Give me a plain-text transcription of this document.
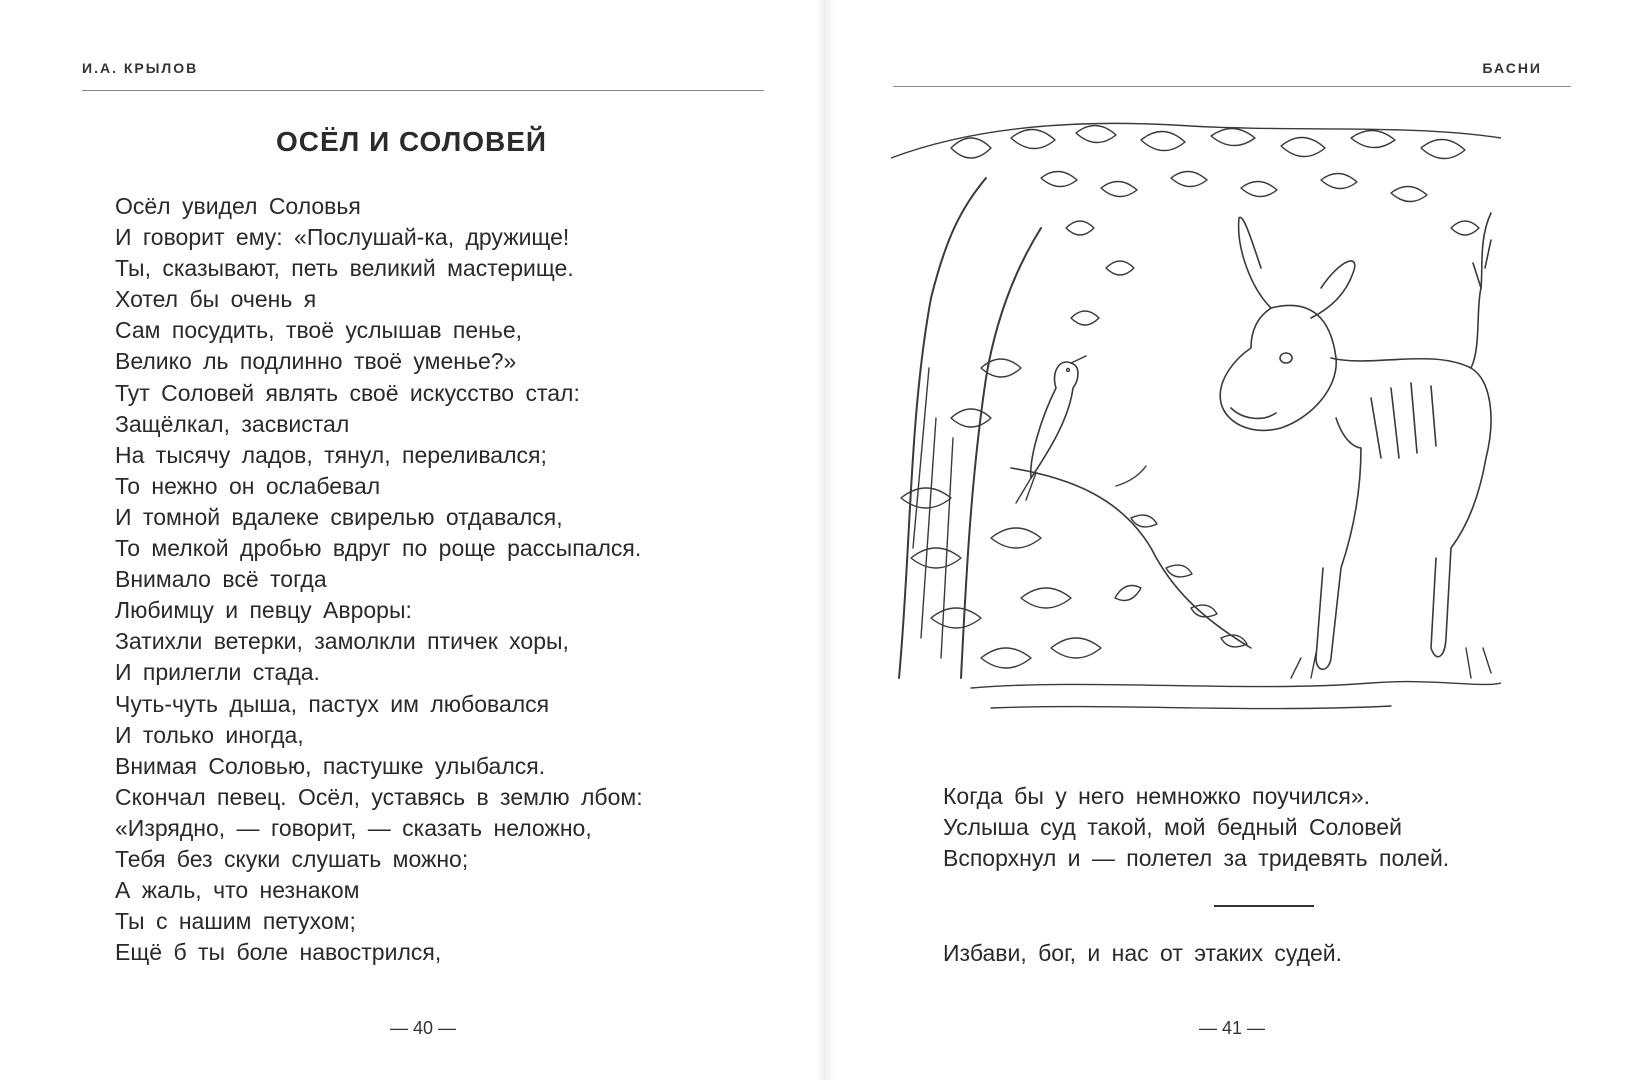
И.А. КРЫЛОВ
ОСЁЛ И СОЛОВЕЙ
Осёл увидел Соловья
И говорит ему: «Послушай-ка, дружище!
Ты, сказывают, петь великий мастерище.
Хотел бы очень я
Сам посудить, твоё услышав пенье,
Велико ль подлинно твоё уменье?»
Тут Соловей являть своё искусство стал:
Защёлкал, засвистал
На тысячу ладов, тянул, переливался;
То нежно он ослабевал
И томной вдалеке свирелью отдавался,
То мелкой дробью вдруг по роще рассыпался.
Внимало всё тогда
Любимцу и певцу Авроры:
Затихли ветерки, замолкли птичек хоры,
И прилегли стада.
Чуть-чуть дыша, пастух им любовался
И только иногда,
Внимая Соловью, пастушке улыбался.
Скончал певец. Осёл, уставясь в землю лбом:
«Изрядно, — говорит, — сказать неложно,
Тебя без скуки слушать можно;
А жаль, что незнаком
Ты с нашим петухом;
Ещё б ты боле навострился,
— 40 —
БАСНИ
Когда бы у него немножко поучился».
Услыша суд такой, мой бедный Соловей
Вспорхнул и — полетел за тридевять полей.
Избави, бог, и нас от этаких судей.
— 41 —
